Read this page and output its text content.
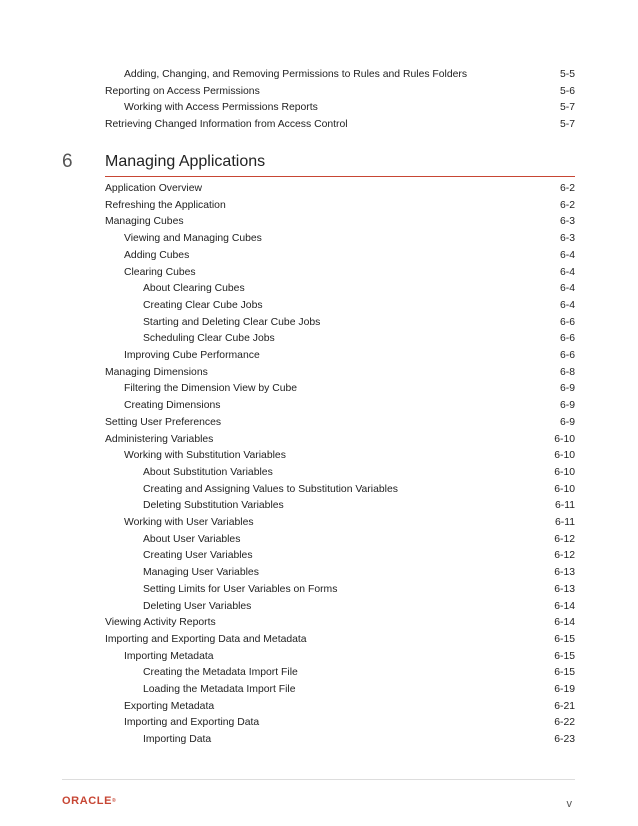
Adding, Changing, and Removing Permissions to Rules and Rules Folders	5-5
Reporting on Access Permissions	5-6
Working with Access Permissions Reports	5-7
Retrieving Changed Information from Access Control	5-7
6 Managing Applications
Application Overview	6-2
Refreshing the Application	6-2
Managing Cubes	6-3
Viewing and Managing Cubes	6-3
Adding Cubes	6-4
Clearing Cubes	6-4
About Clearing Cubes	6-4
Creating Clear Cube Jobs	6-4
Starting and Deleting Clear Cube Jobs	6-6
Scheduling Clear Cube Jobs	6-6
Improving Cube Performance	6-6
Managing Dimensions	6-8
Filtering the Dimension View by Cube	6-9
Creating Dimensions	6-9
Setting User Preferences	6-9
Administering Variables	6-10
Working with Substitution Variables	6-10
About Substitution Variables	6-10
Creating and Assigning Values to Substitution Variables	6-10
Deleting Substitution Variables	6-11
Working with User Variables	6-11
About User Variables	6-12
Creating User Variables	6-12
Managing User Variables	6-13
Setting Limits for User Variables on Forms	6-13
Deleting User Variables	6-14
Viewing Activity Reports	6-14
Importing and Exporting Data and Metadata	6-15
Importing Metadata	6-15
Creating the Metadata Import File	6-15
Loading the Metadata Import File	6-19
Exporting Metadata	6-21
Importing and Exporting Data	6-22
Importing Data	6-23
ORACLE®	v
